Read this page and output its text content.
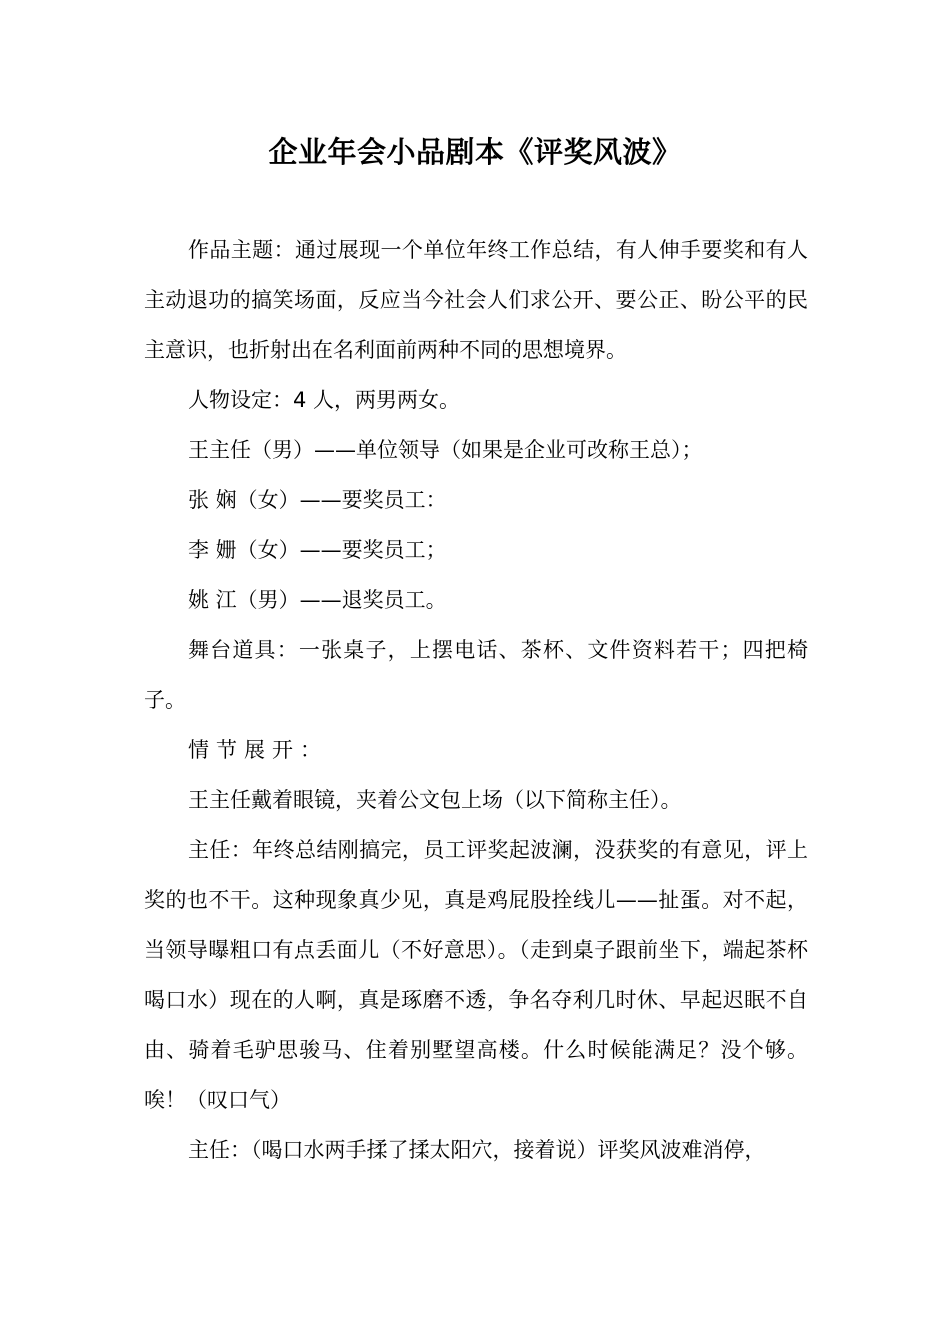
企业年会小品剧本《评奖风波》

作品主题：通过展现一个单位年终工作总结，有人伸手要奖和有人主动退功的搞笑场面，反应当今社会人们求公开、要公正、盼公平的民主意识，也折射出在名利面前两种不同的思想境界。

人物设定：4 人，两男两女。

王主任（男）——单位领导（如果是企业可改称王总）；

张 娴（女）——要奖员工：

李 姗（女）——要奖员工；

姚 江（男）——退奖员工。

舞台道具：一张桌子，上摆电话、茶杯、文件资料若干；四把椅子。

情节展开：

王主任戴着眼镜，夹着公文包上场（以下简称主任）。

主任：年终总结刚搞完，员工评奖起波澜，没获奖的有意见，评上奖的也不干。这种现象真少见，真是鸡屁股拴线儿——扯蛋。对不起，当领导曝粗口有点丢面儿（不好意思）。（走到桌子跟前坐下，端起茶杯喝口水）现在的人啊，真是琢磨不透，争名夺利几时休、早起迟眠不自由、骑着毛驴思骏马、住着别墅望高楼。什么时候能满足？没个够。唉！（叹口气）

主任：（喝口水两手揉了揉太阳穴，接着说）评奖风波难消停，
